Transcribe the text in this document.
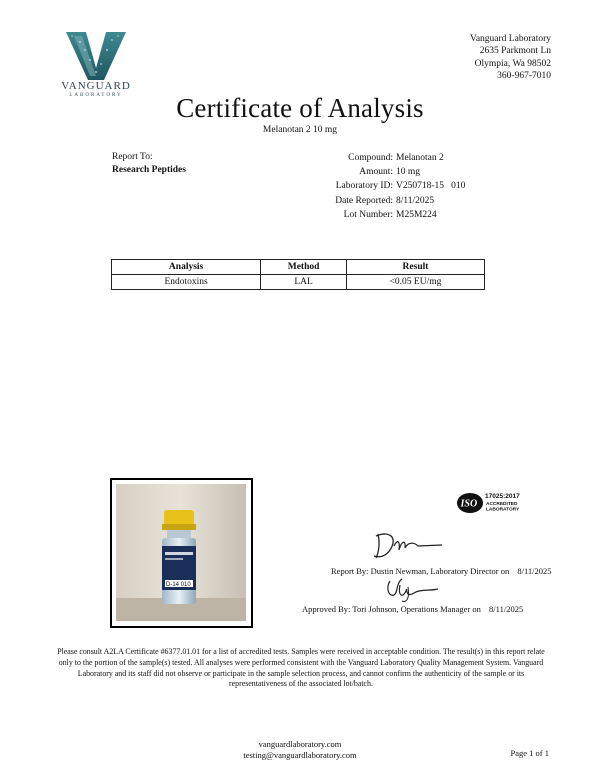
VANGUARD
LABORATORY
Vanguard Laboratory
2635 Parkmont Ln
Olympia, Wa 98502
360-967-7010
Certificate of Analysis
Melanotan 2 10 mg
Report To:
Research Peptides
Compound: Melanotan 2
Amount: 10 mg
Laboratory ID: V250718-15   010
Date Reported: 8/11/2025
Lot Number: M25M224
Analysis	Method	Result
Endotoxins	LAL	<0.05 EU/mg
D-14 010
ISO
17025:2017
ACCREDITED
LABORATORY
Report By: Dustin Newman, Laboratory Director on 8/11/2025
Approved By: Tori Johnson, Operations Manager on 8/11/2025
Please consult A2LA Certificate #6377.01.01 for a list of accredited tests. Samples were received in acceptable condition. The result(s) in this report relate only to the portion of the sample(s) tested. All analyses were performed consistent with the Vanguard Laboratory Quality Management System. Vanguard Laboratory and its staff did not observe or participate in the sample selection process, and cannot confirm the authenticity of the sample or its representativeness of the associated lot/batch.
vanguardlaboratory.com
testing@vanguardlaboratory.com	Page 1 of 1
